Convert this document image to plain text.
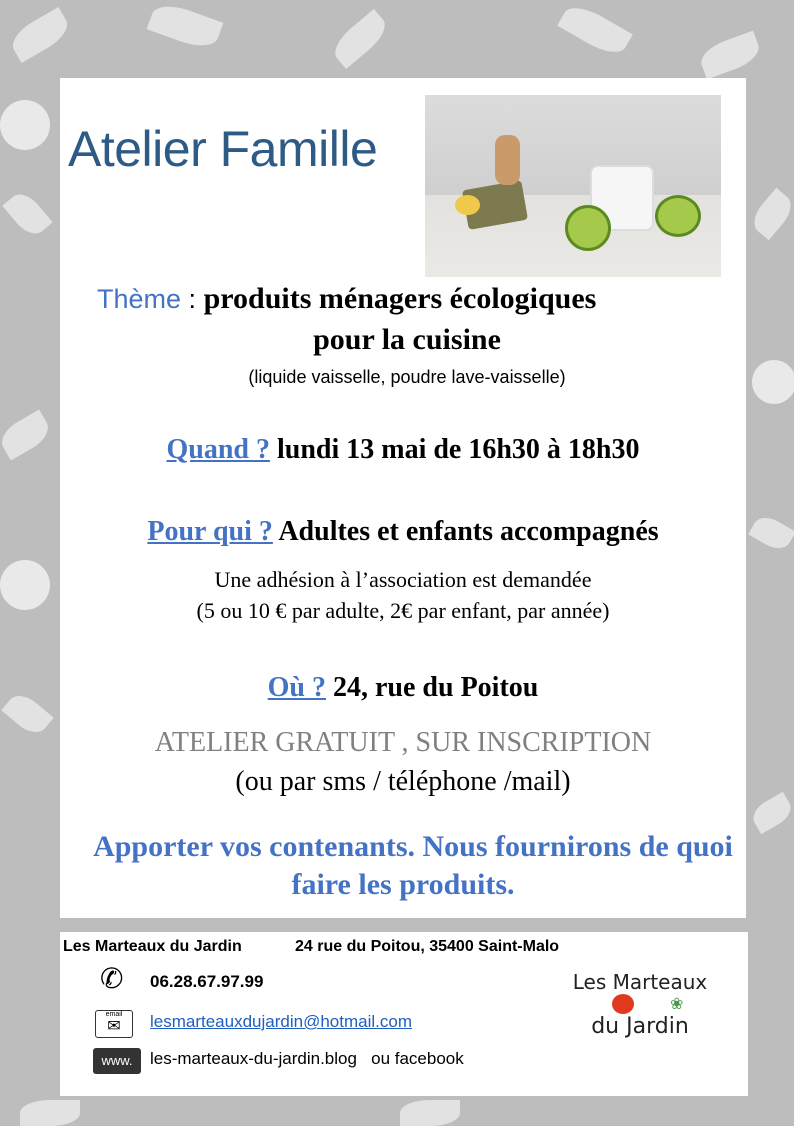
Atelier Famille
Thème : produits ménagers écologiques
pour la cuisine
(liquide vaisselle, poudre lave-vaisselle)
Quand ? lundi 13 mai de 16h30 à 18h30
Pour qui ? Adultes et enfants accompagnés
Une adhésion à l’association est demandée
(5 ou 10 € par adulte, 2€ par enfant, par année)
Où ? 24, rue du Poitou
ATELIER GRATUIT , SUR INSCRIPTION
(ou par sms / téléphone /mail)
Apporter vos contenants. Nous fournirons de quoi
faire les produits.
Les Marteaux du Jardin	24 rue du Poitou, 35400 Saint-Malo
✆ 06.28.67.97.99
email
✉	lesmarteauxdujardin@hotmail.com
www.	les-marteaux-du-jardin.blog ou facebook
Les Marteaux
❀
du Jardin
